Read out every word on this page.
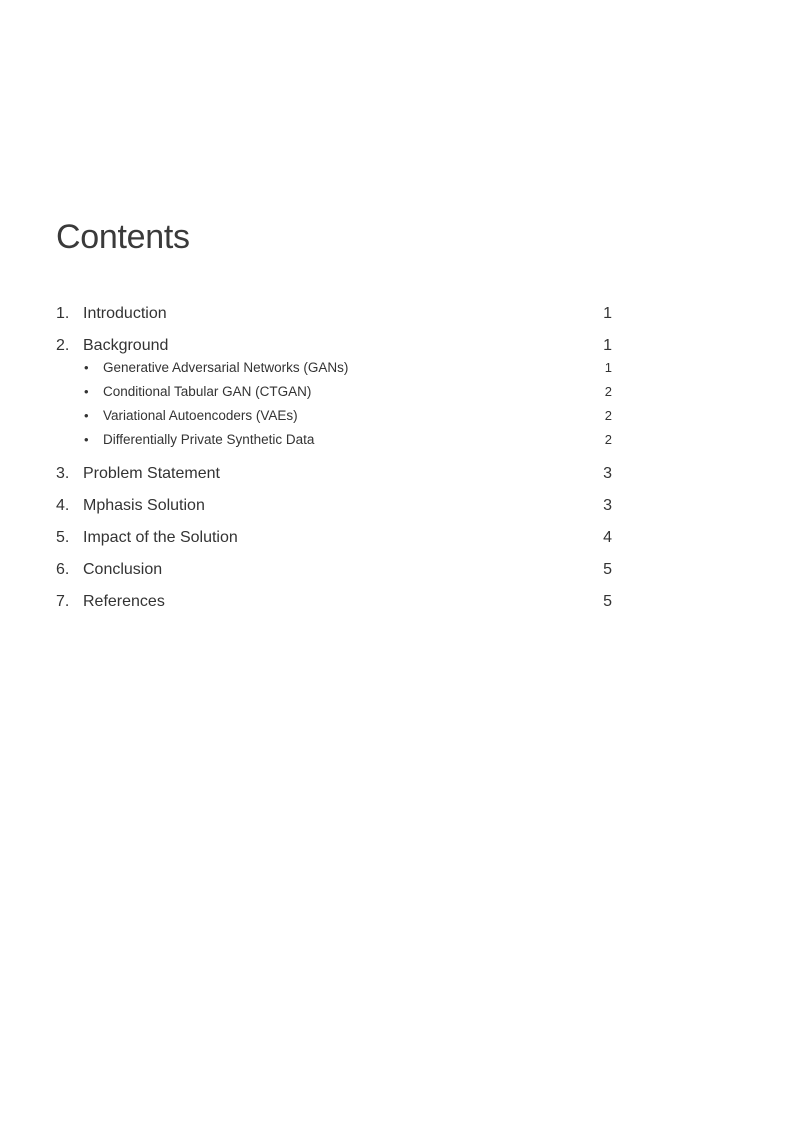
Contents
1. Introduction	1
2. Background	1
• Generative Adversarial Networks (GANs)	1
• Conditional Tabular GAN (CTGAN)	2
• Variational Autoencoders (VAEs)	2
• Differentially Private Synthetic Data	2
3. Problem Statement	3
4. Mphasis Solution	3
5. Impact of the Solution	4
6. Conclusion	5
7. References	5
